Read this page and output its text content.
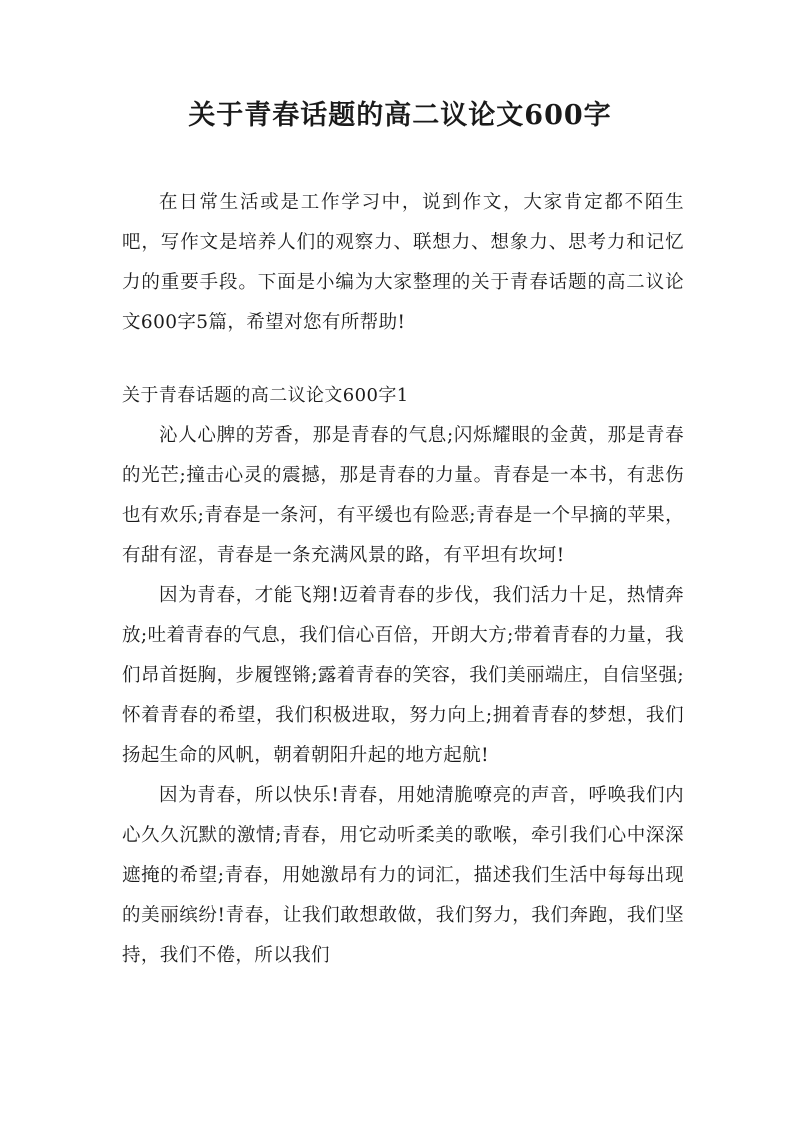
关于青春话题的高二议论文600字

在日常生活或是工作学习中，说到作文，大家肯定都不陌生吧，写作文是培养人们的观察力、联想力、想象力、思考力和记忆力的重要手段。下面是小编为大家整理的关于青春话题的高二议论文600字5篇，希望对您有所帮助!

关于青春话题的高二议论文600字1

沁人心脾的芳香，那是青春的气息;闪烁耀眼的金黄，那是青春的光芒;撞击心灵的震撼，那是青春的力量。青春是一本书，有悲伤也有欢乐;青春是一条河，有平缓也有险恶;青春是一个早摘的苹果，有甜有涩，青春是一条充满风景的路，有平坦有坎坷!

因为青春，才能飞翔!迈着青春的步伐，我们活力十足，热情奔放;吐着青春的气息，我们信心百倍，开朗大方;带着青春的力量，我们昂首挺胸，步履铿锵;露着青春的笑容，我们美丽端庄，自信坚强;怀着青春的希望，我们积极进取，努力向上;拥着青春的梦想，我们扬起生命的风帆，朝着朝阳升起的地方起航!

因为青春，所以快乐!青春，用她清脆嘹亮的声音，呼唤我们内心久久沉默的激情;青春，用它动听柔美的歌喉，牵引我们心中深深遮掩的希望;青春，用她激昂有力的词汇，描述我们生活中每每出现的美丽缤纷!青春，让我们敢想敢做，我们努力，我们奔跑，我们坚持，我们不倦，所以我们
